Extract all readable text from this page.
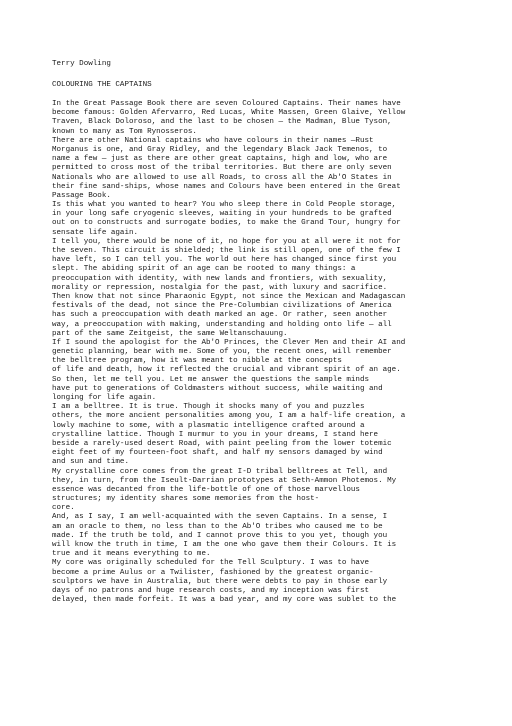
Terry Dowling
COLOURING THE CAPTAINS
In the Great Passage Book there are seven Coloured Captains. Their names have
become famous: Golden Afervarro, Red Lucas, White Massen, Green Glaive, Yellow
Traven, Black Doloroso, and the last to be chosen — the Madman, Blue Tyson,
known to many as Tom Rynosseros.
There are other National captains who have colours in their names —Rust
Morganus is one, and Gray Ridley, and the legendary Black Jack Temenos, to
name a few — just as there are other great captains, high and low, who are
permitted to cross most of the tribal territories. But there are only seven
Nationals who are allowed to use all Roads, to cross all the Ab'O States in
their fine sand-ships, whose names and Colours have been entered in the Great
Passage Book.
Is this what you wanted to hear? You who sleep there in Cold People storage,
in your long safe cryogenic sleeves, waiting in your hundreds to be grafted
out on to constructs and surrogate bodies, to make the Grand Tour, hungry for
sensate life again.
I tell you, there would be none of it, no hope for you at all were it not for
the seven. This circuit is shielded; the link is still open, one of the few I
have left, so I can tell you. The world out here has changed since first you
slept. The abiding spirit of an age can be rooted to many things: a
preoccupation with identity, with new lands and frontiers, with sexuality,
morality or repression, nostalgia for the past, with luxury and sacrifice.
Then know that not since Pharaonic Egypt, not since the Mexican and Madagascan
festivals of the dead, not since the Pre-Columbian civilizations of America
has such a preoccupation with death marked an age. Or rather, seen another
way, a preoccupation with making, understanding and holding onto life — all
part of the same Zeitgeist, the same Weltanschauung.
If I sound the apologist for the Ab'O Princes, the Clever Men and their AI and
genetic planning, bear with me. Some of you, the recent ones, will remember
the belltree program, how it was meant to nibble at the concepts
of life and death, how it reflected the crucial and vibrant spirit of an age.
So then, let me tell you. Let me answer the questions the sample minds
have put to generations of Coldmasters without success, while waiting and
longing for life again.
I am a belltree. It is true. Though it shocks many of you and puzzles
others, the more ancient personalities among you, I am a half-life creation, a
lowly machine to some, with a plasmatic intelligence crafted around a
crystalline lattice. Though I murmur to you in your dreams, I stand here
beside a rarely-used desert Road, with paint peeling from the lower totemic
eight feet of my fourteen-foot shaft, and half my sensors damaged by wind
and sun and time.
My crystalline core comes from the great I-D tribal belltrees at Tell, and
they, in turn, from the Iseult-Darrian prototypes at Seth-Ammon Photemos. My
essence was decanted from the life-bottle of one of those marvellous
structures; my identity shares some memories from the host-
core.
And, as I say, I am well-acquainted with the seven Captains. In a sense, I
am an oracle to them, no less than to the Ab'O tribes who caused me to be
made. If the truth be told, and I cannot prove this to you yet, though you
will know the truth in time, I am the one who gave them their Colours. It is
true and it means everything to me.
My core was originally scheduled for the Tell Sculptury. I was to have
become a prime Aulus or a Twilister, fashioned by the greatest organic-
sculptors we have in Australia, but there were debts to pay in those early
days of no patrons and huge research costs, and my inception was first
delayed, then made forfeit. It was a bad year, and my core was sublet to the
